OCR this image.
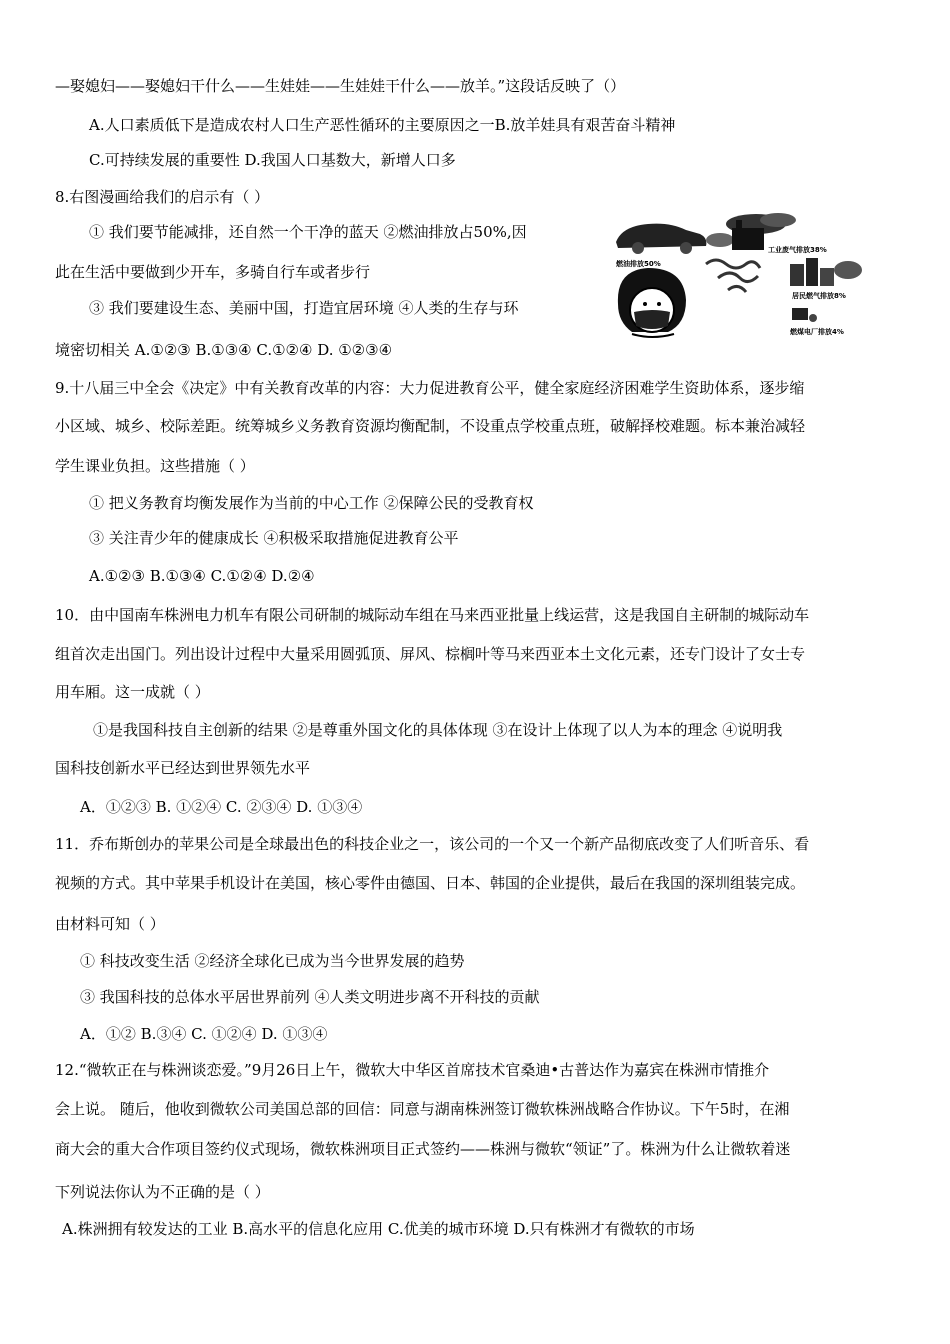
—娶媳妇——娶媳妇干什么——生娃娃——生娃娃干什么——放羊。”这段话反映了（）
A.人口素质低下是造成农村人口生产恶性循环的主要原因之一B.放羊娃具有艰苦奋斗精神
C.可持续发展的重要性 D.我国人口基数大，新增人口多
8.右图漫画给我们的启示有（ ）
① 我们要节能减排，还自然一个干净的蓝天 ②燃油排放占50%,因
此在生活中要做到少开车，多骑自行车或者步行
③ 我们要建设生态、美丽中国，打造宜居环境 ④人类的生存与环
境密切相关 A.①②③ B.①③④ C.①②④ D. ①②③④
燃油排放50%
工业废气排放38%
居民燃气排放8%
燃煤电厂排放4%
9.十八届三中全会《决定》中有关教育改革的内容：大力促进教育公平，健全家庭经济困难学生资助体系，逐步缩
小区域、城乡、校际差距。统筹城乡义务教育资源均衡配制，不设重点学校重点班，破解择校难题。标本兼治减轻
学生课业负担。这些措施（ ）
① 把义务教育均衡发展作为当前的中心工作 ②保障公民的受教育权
③ 关注青少年的健康成长 ④积极采取措施促进教育公平
A.①②③ B.①③④ C.①②④ D.②④
10．由中国南车株洲电力机车有限公司研制的城际动车组在马来西亚批量上线运营，这是我国自主研制的城际动车
组首次走出国门。列出设计过程中大量采用圆弧顶、屏风、棕榈叶等马来西亚本土文化元素，还专门设计了女士专
用车厢。这一成就（ ）
①是我国科技自主创新的结果 ②是尊重外国文化的具体体现 ③在设计上体现了以人为本的理念 ④说明我
国科技创新水平已经达到世界领先水平
A．①②③ B. ①②④ C. ②③④ D. ①③④
11．乔布斯创办的苹果公司是全球最出色的科技企业之一，该公司的一个又一个新产品彻底改变了人们听音乐、看
视频的方式。其中苹果手机设计在美国，核心零件由德国、日本、韩国的企业提供，最后在我国的深圳组装完成。
由材料可知（ ）
① 科技改变生活 ②经济全球化已成为当今世界发展的趋势
③ 我国科技的总体水平居世界前列 ④人类文明进步离不开科技的贡献
A．①② B.③④ C. ①②④ D. ①③④
12.“微软正在与株洲谈恋爱。”9月26日上午，微软大中华区首席技术官桑迪•古普达作为嘉宾在株洲市情推介
会上说。 随后，他收到微软公司美国总部的回信：同意与湖南株洲签订微软株洲战略合作协议。下午5时，在湘
商大会的重大合作项目签约仪式现场，微软株洲项目正式签约——株洲与微软“领证”了。株洲为什么让微软着迷
下列说法你认为不正确的是（ ）
A.株洲拥有较发达的工业 B.高水平的信息化应用 C.优美的城市环境 D.只有株洲才有微软的市场
